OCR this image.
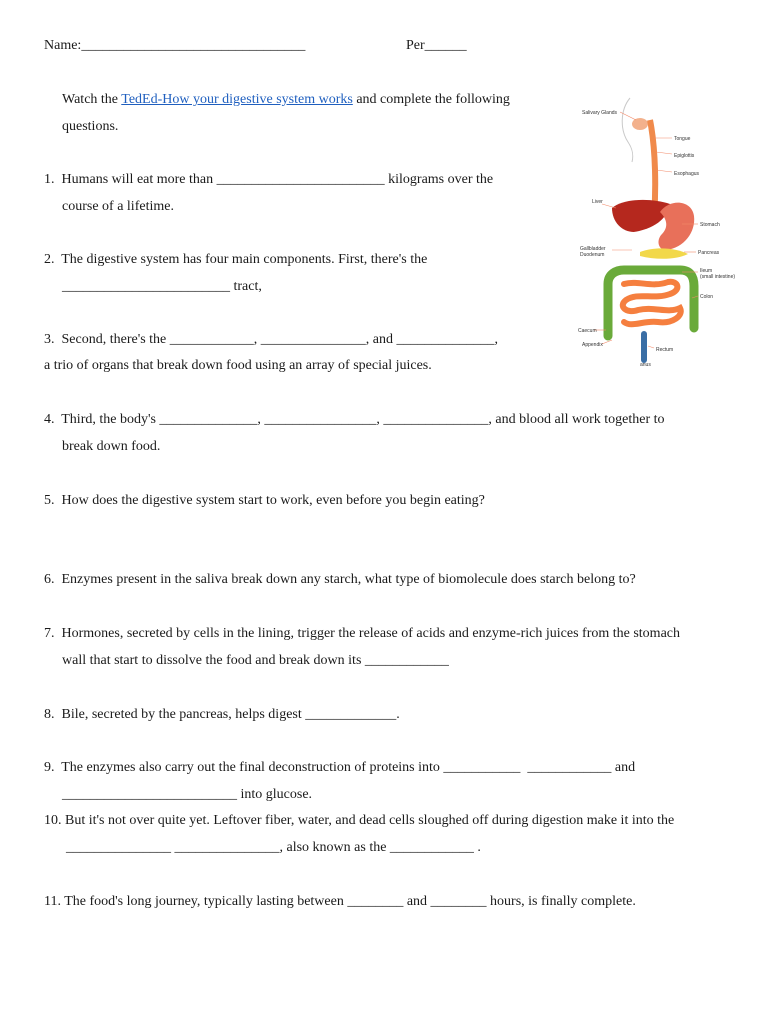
Name:________________________________	Per______
Watch the TedEd-How your digestive system works and complete the following
questions.
1.  Humans will eat more than ________________________ kilograms over the
course of a lifetime.
2.  The digestive system has four main components. First, there's the
________________________ tract,
3.  Second, there's the ____________, _______________, and ______________,
a trio of organs that break down food using an array of special juices.
4.  Third, the body's ______________, ________________, _______________, and blood all work together to
break down food.
5.  How does the digestive system start to work, even before you begin eating?
6.  Enzymes present in the saliva break down any starch, what type of biomolecule does starch belong to?
7.  Hormones, secreted by cells in the lining, trigger the release of acids and enzyme-rich juices from the stomach
wall that start to dissolve the food and break down its ____________
8.  Bile, secreted by the pancreas, helps digest _____________.
9.  The enzymes also carry out the final deconstruction of proteins into ___________  ____________ and
_________________________ into glucose.
10. But it's not over quite yet. Leftover fiber, water, and dead cells sloughed off during digestion make it into the
_______________ _______________, also known as the ____________ .
11. The food's long journey, typically lasting between ________ and ________ hours, is finally complete.
Salivary Glands
Tongue
Epiglottis
Esophagus
Liver
Stomach
Gallbladder
Duodenum	Pancreas
Ileum
(small intestine)
Colon
Caecum
Appendix
Rectum
anus
